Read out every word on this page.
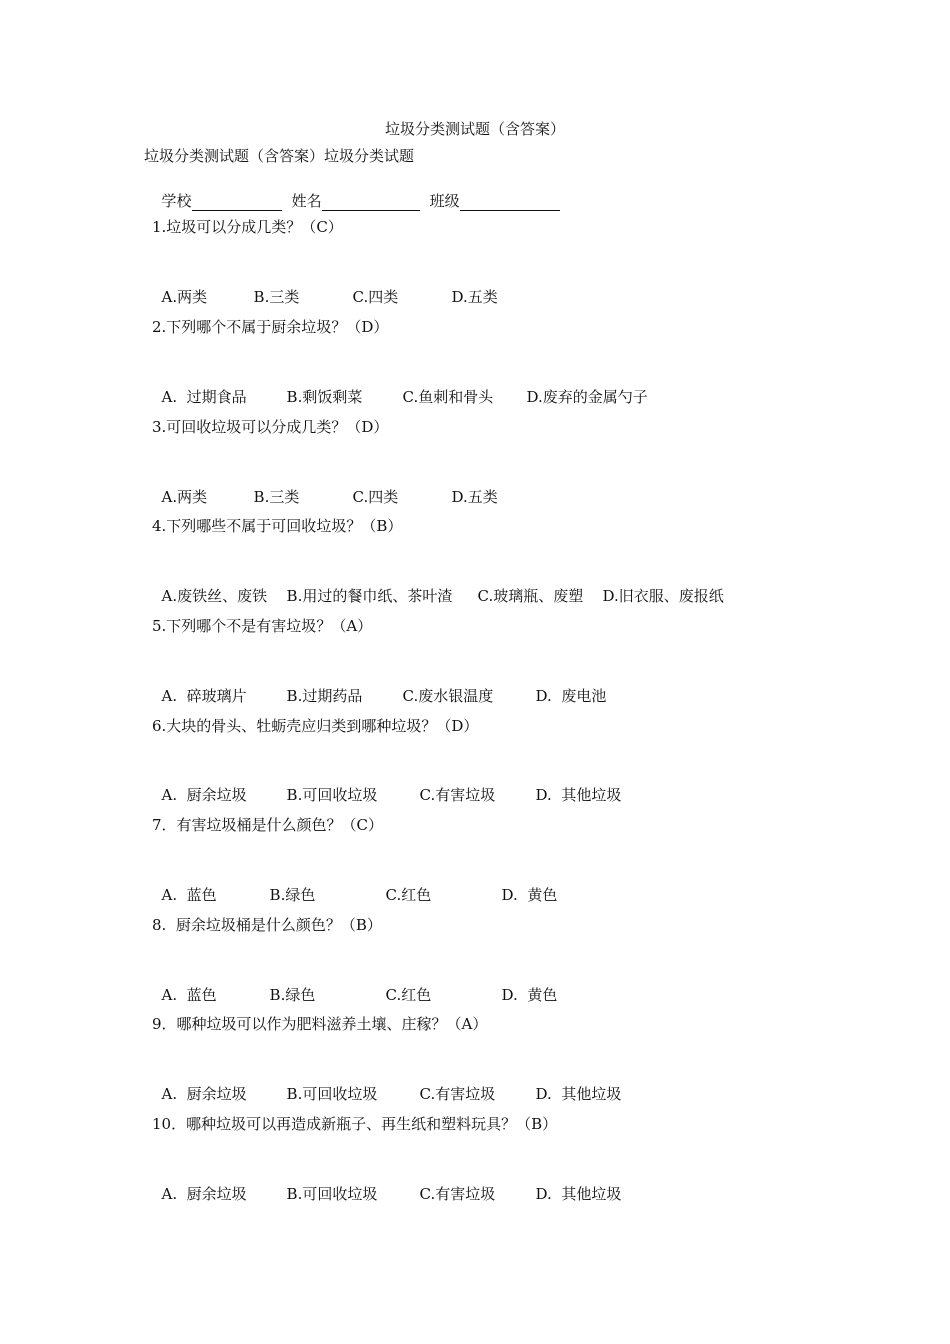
垃圾分类测试题（含答案）
垃圾分类测试题（含答案）垃圾分类试题

学校	姓名	班级

1.垃圾可以分成几类？（C）

A.两类	B.三类	C.四类	D.五类

2.下列哪个不属于厨余垃圾？（D）

A.  过期食品	B.剩饭剩菜	C.鱼刺和骨头 D.废弃的金属勺子

3.可回收垃圾可以分成几类？（D）

A.两类	B.三类	C.四类	D.五类

4.下列哪些不属于可回收垃圾？（B）

A.废铁丝、废铁 B.用过的餐巾纸、茶叶渣 C.玻璃瓶、废塑 D.旧衣服、废报纸

5.下列哪个不是有害垃圾？（A）

A.  碎玻璃片	B.过期药品	C.废水银温度	D.  废电池

6.大块的骨头、牡蛎壳应归类到哪种垃圾？（D）

A.  厨余垃圾	B.可回收垃圾	C.有害垃圾	D.  其他垃圾

7．有害垃圾桶是什么颜色？（C）

A.  蓝色	B.绿色	C.红色	D.  黄色

8.  厨余垃圾桶是什么颜色？（B）

A.  蓝色	B.绿色	C.红色	D.  黄色

9．哪种垃圾可以作为肥料滋养土壤、庄稼？（A）

A.  厨余垃圾	B.可回收垃圾	C.有害垃圾	D.  其他垃圾

10．哪种垃圾可以再造成新瓶子、再生纸和塑料玩具？（B）

A.  厨余垃圾	B.可回收垃圾	C.有害垃圾	D.  其他垃圾
